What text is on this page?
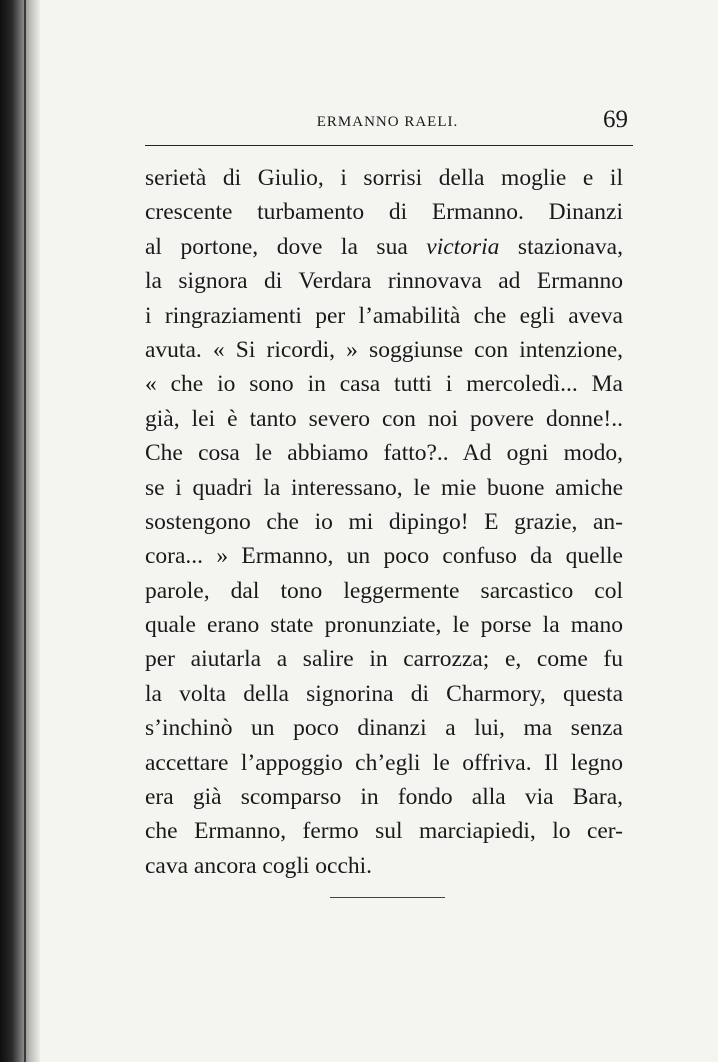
ERMANNO RAELI.	69
serietà di Giulio, i sorrisi della moglie e il
crescente turbamento di Ermanno. Dinanzi
al portone, dove la sua victoria stazionava,
la signora di Verdara rinnovava ad Ermanno
i ringraziamenti per l’amabilità che egli aveva
avuta. « Si ricordi, » soggiunse con intenzione,
« che io sono in casa tutti i mercoledì... Ma
già, lei è tanto severo con noi povere donne!..
Che cosa le abbiamo fatto?.. Ad ogni modo,
se i quadri la interessano, le mie buone amiche
sostengono che io mi dipingo! E grazie, an-
cora... » Ermanno, un poco confuso da quelle
parole, dal tono leggermente sarcastico col
quale erano state pronunziate, le porse la mano
per aiutarla a salire in carrozza; e, come fu
la volta della signorina di Charmory, questa
s’inchinò un poco dinanzi a lui, ma senza
accettare l’appoggio ch’egli le offriva. Il legno
era già scomparso in fondo alla via Bara,
che Ermanno, fermo sul marciapiedi, lo cer-
cava ancora cogli occhi.
